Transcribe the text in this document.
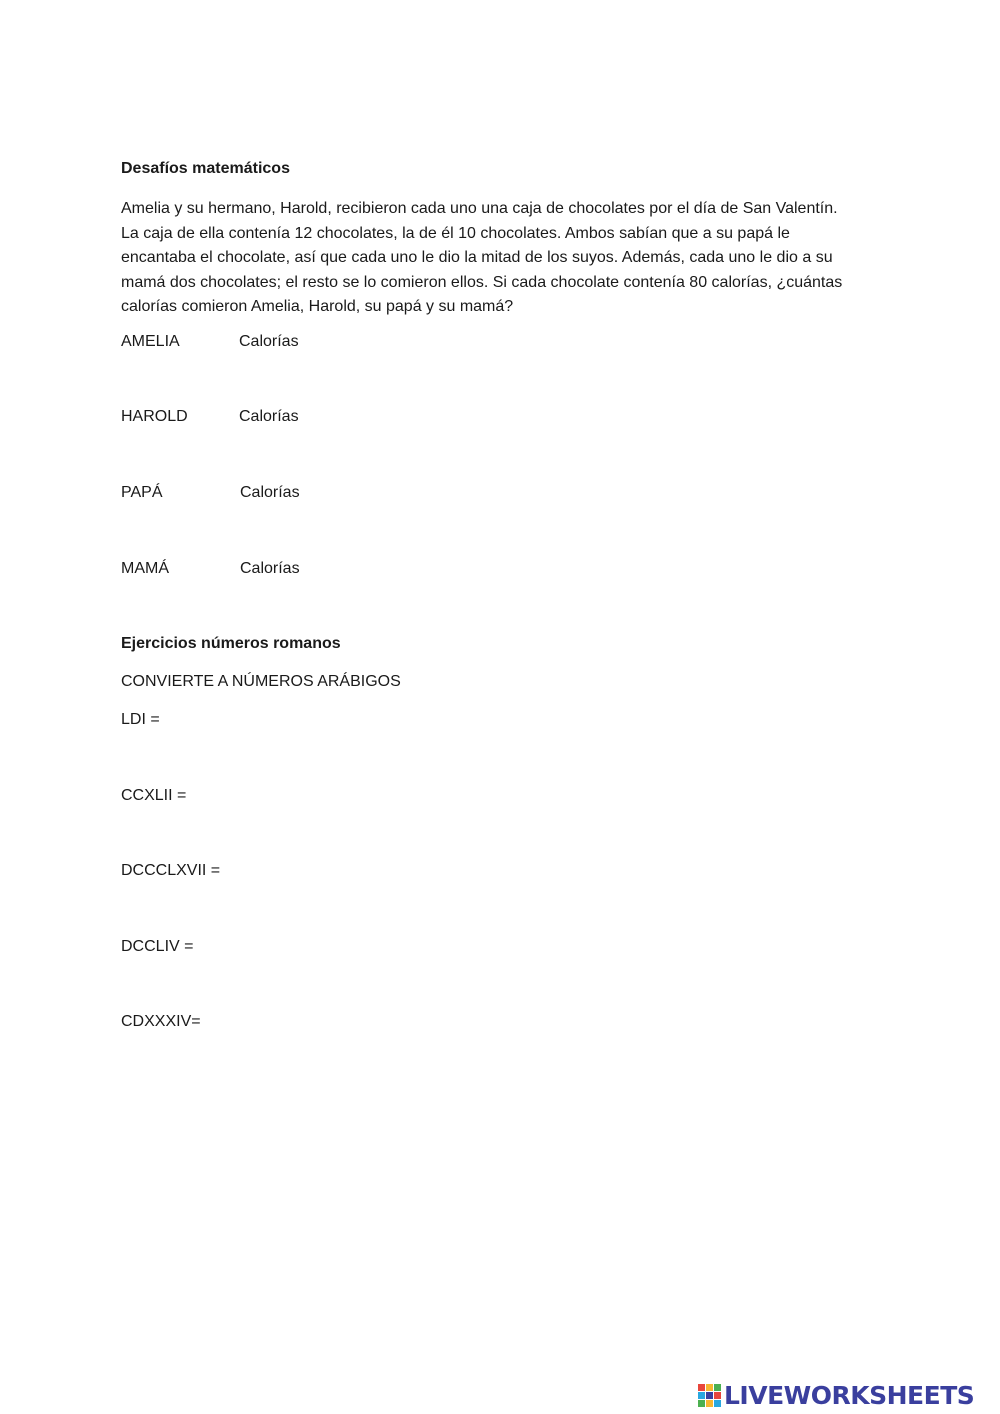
Desafíos matemáticos
Amelia y su hermano, Harold, recibieron cada uno una caja de chocolates por el día de San Valentín.
La caja de ella contenía 12 chocolates, la de él 10 chocolates. Ambos sabían que a su papá le
encantaba el chocolate, así que cada uno le dio la mitad de los suyos. Además, cada uno le dio a su
mamá dos chocolates; el resto se lo comieron ellos. Si cada chocolate contenía 80 calorías, ¿cuántas
calorías comieron Amelia, Harold, su papá y su mamá?
AMELIA	Calorías
HAROLD	Calorías
PAPÁ	Calorías
MAMÁ	Calorías
Ejercicios números romanos
CONVIERTE A NÚMEROS ARÁBIGOS
LDI =
CCXLII =
DCCCLXVII =
DCCLIV =
CDXXXIV=
LIVEWORKSHEETS
